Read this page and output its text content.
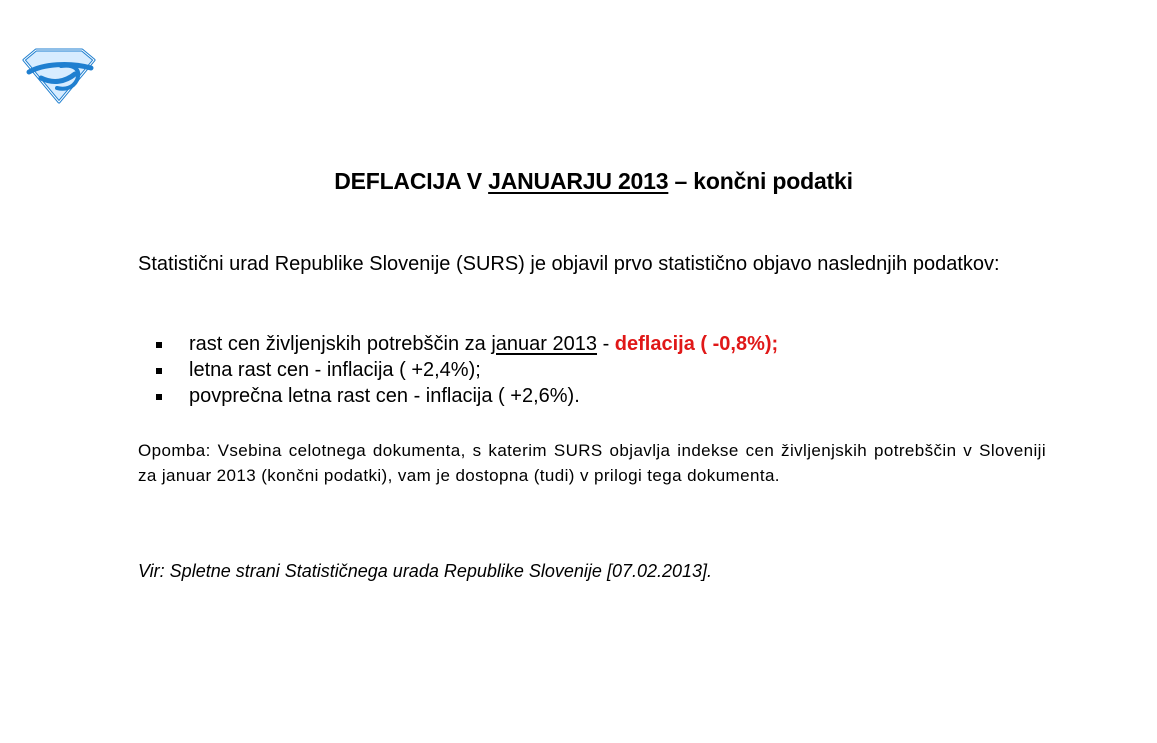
DEFLACIJA V JANUARJU 2013 – končni podatki

Statistični urad Republike Slovenije (SURS) je objavil prvo statistično objavo naslednjih podatkov:

rast cen življenjskih potrebščin za januar 2013 - deflacija ( -0,8%);
letna rast cen - inflacija ( +2,4%);
povprečna letna rast cen - inflacija ( +2,6%).

Opomba: Vsebina celotnega dokumenta, s katerim SURS objavlja indekse cen življenjskih potrebščin v Sloveniji za januar 2013 (končni podatki), vam je dostopna (tudi) v prilogi tega dokumenta.

Vir: Spletne strani Statističnega urada Republike Slovenije [07.02.2013].
